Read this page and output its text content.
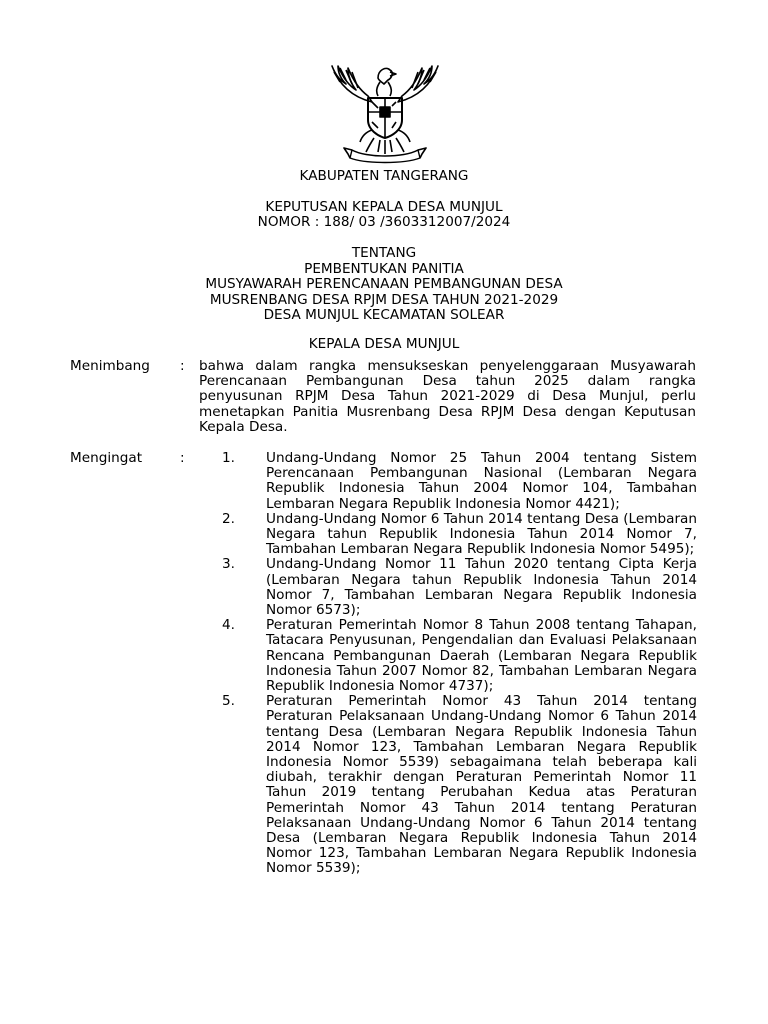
KABUPATEN TANGERANG
KEPUTUSAN KEPALA DESA MUNJUL
NOMOR : 188/ 03 /3603312007/2024
TENTANG
PEMBENTUKAN PANITIA
MUSYAWARAH PERENCANAAN PEMBANGUNAN DESA
MUSRENBANG DESA RPJM DESA TAHUN 2021-2029
DESA MUNJUL KECAMATAN SOLEAR
KEPALA DESA MUNJUL
Menimbang : bahwa dalam rangka mensukseskan penyelenggaraan Musyawarah Perencanaan Pembangunan Desa tahun 2025 dalam rangka penyusunan RPJM Desa Tahun 2021-2029 di Desa Munjul, perlu menetapkan Panitia Musrenbang Desa RPJM Desa dengan Keputusan Kepala Desa.
Mengingat	:	1. Undang-Undang Nomor 25 Tahun 2004 tentang Sistem Perencanaan Pembangunan Nasional (Lembaran Negara Republik Indonesia Tahun 2004 Nomor 104, Tambahan Lembaran Negara Republik Indonesia Nomor 4421);
2. Undang-Undang Nomor 6 Tahun 2014 tentang Desa (Lembaran Negara tahun Republik Indonesia Tahun 2014 Nomor 7, Tambahan Lembaran Negara Republik Indonesia Nomor 5495);
3. Undang-Undang Nomor 11 Tahun 2020 tentang Cipta Kerja (Lembaran Negara tahun Republik Indonesia Tahun 2014 Nomor 7, Tambahan Lembaran Negara Republik Indonesia Nomor 6573);
4. Peraturan Pemerintah Nomor 8 Tahun 2008 tentang Tahapan, Tatacara Penyusunan, Pengendalian dan Evaluasi Pelaksanaan Rencana Pembangunan Daerah (Lembaran Negara Republik Indonesia Tahun 2007 Nomor 82, Tambahan Lembaran Negara Republik Indonesia Nomor 4737);
5. Peraturan Pemerintah Nomor 43 Tahun 2014 tentang Peraturan Pelaksanaan Undang-Undang Nomor 6 Tahun 2014 tentang Desa (Lembaran Negara Republik Indonesia Tahun 2014 Nomor 123, Tambahan Lembaran Negara Republik Indonesia Nomor 5539) sebagaimana telah beberapa kali diubah, terakhir dengan Peraturan Pemerintah Nomor 11 Tahun 2019 tentang Perubahan Kedua atas Peraturan Pemerintah Nomor 43 Tahun 2014 tentang Peraturan Pelaksanaan Undang-Undang Nomor 6 Tahun 2014 tentang Desa (Lembaran Negara Republik Indonesia Tahun 2014 Nomor 123, Tambahan Lembaran Negara Republik Indonesia Nomor 5539);
